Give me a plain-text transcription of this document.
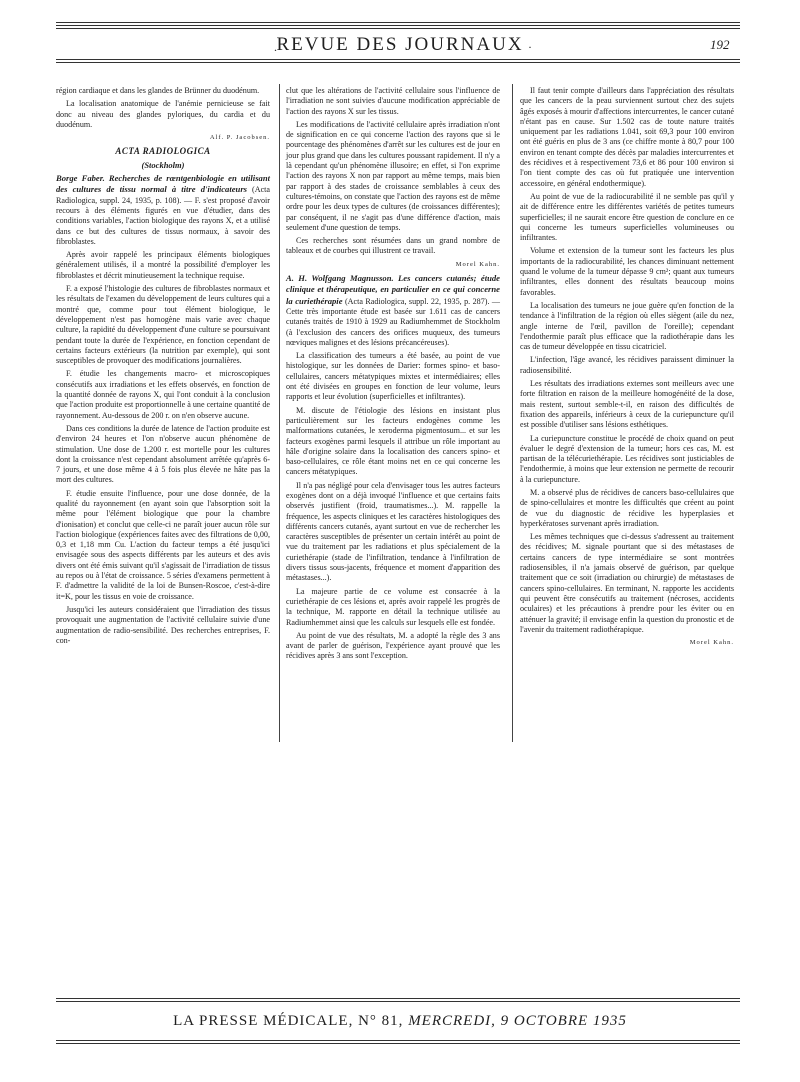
. REVUE DES JOURNAUX ·	192

région cardiaque et dans les glandes de Brünner du duodénum.

La localisation anatomique de l'anémie pernicieuse se fait donc au niveau des glandes pyloriques, du cardia et du duodénum.

Alf. P. Jacobsen.

ACTA RADIOLOGICA

(Stockholm)

Borge Faber. Recherches de rœntgenbiologie en utilisant des cultures de tissu normal à titre d'indicateurs (Acta Radiologica, suppl. 24, 1935, p. 108). — F. s'est proposé d'avoir recours à des éléments figurés en vue d'étudier, dans des conditions variables, l'action biologique des rayons X, et a utilisé dans ce but des cultures de tissus normaux, à savoir des fibroblastes.

Après avoir rappelé les principaux éléments biologiques généralement utilisés, il a montré la possibilité d'employer les fibroblastes et décrit minutieusement la technique requise.

F. a exposé l'histologie des cultures de fibroblastes normaux et les résultats de l'examen du développement de leurs cultures qui a montré que, comme pour tout élément biologique, le développement n'est pas homogène mais varie avec chaque culture, la rapidité du développement d'une culture se poursuivant pendant toute la durée de l'expérience, en fonction cependant de certains facteurs extérieurs (la nutrition par exemple), qui sont susceptibles de provoquer des modifications journalières.

F. étudie les changements macro- et microscopiques consécutifs aux irradiations et les effets observés, en fonction de la quantité donnée de rayons X, qui l'ont conduit à la conclusion que l'action produite est proportionnelle à une certaine quantité de rayonnement. Au-dessous de 200 r. on n'en observe aucune.

Dans ces conditions la durée de latence de l'action produite est d'environ 24 heures et l'on n'observe aucun phénomène de stimulation. Une dose de 1.200 r. est mortelle pour les cultures dont la croissance n'est cependant absolument arrêtée qu'après 6-7 jours, et une dose même 4 à 5 fois plus élevée ne hâte pas la mort des cultures.

F. étudie ensuite l'influence, pour une dose donnée, de la qualité du rayonnement (en ayant soin que l'absorption soit la même pour l'élément biologique que pour la chambre d'ionisation) et conclut que celle-ci ne paraît jouer aucun rôle sur l'action biologique (expériences faites avec des filtrations de 0,00, 0,3 et 1,18 mm Cu. L'action du facteur temps a été jusqu'ici envisagée sous des aspects différents par les auteurs et des avis divers ont été émis suivant qu'il s'agissait de l'irradiation de tissus au repos ou à l'état de croissance. 5 séries d'examens permettent à F. d'admettre la validité de la loi de Bunsen-Roscoe, c'est-à-dire it=K, pour les tissus en voie de croissance.

Jusqu'ici les auteurs considéraient que l'irradiation des tissus provoquait une augmentation de l'activité cellulaire suivie d'une augmentation de radio-sensibilité. Des recherches entreprises, F. con-

clut que les altérations de l'activité cellulaire sous l'influence de l'irradiation ne sont suivies d'aucune modification appréciable de l'action des rayons X sur les tissus.

Les modifications de l'activité cellulaire après irradiation n'ont de signification en ce qui concerne l'action des rayons que si le pourcentage des phénomènes d'arrêt sur les cultures est de jour en jour plus grand que dans les cultures poussant rapidement. Il n'y a là cependant qu'un phénomène illusoire; en effet, si l'on exprime l'action des rayons X non par rapport au même temps, mais bien par rapport à des stades de croissance semblables à ceux des cultures-témoins, on constate que l'action des rayons est de même ordre pour les deux types de cultures (de croissances différentes); par conséquent, il ne s'agit pas d'une différence d'action, mais seulement d'une question de temps.

Ces recherches sont résumées dans un grand nombre de tableaux et de courbes qui illustrent ce travail.

Morel Kahn.

A. H. Wolfgang Magnusson. Les cancers cutanés; étude clinique et thérapeutique, en particulier en ce qui concerne la curiethérapie (Acta Radiologica, suppl. 22, 1935, p. 287). — Cette très importante étude est basée sur 1.611 cas de cancers cutanés traités de 1910 à 1929 au Radiumhemmet de Stockholm (à l'exclusion des cancers des orifices muqueux, des tumeurs nœviques malignes et des lésions précancéreuses).

La classification des tumeurs a été basée, au point de vue histologique, sur les données de Darier: formes spino- et baso-cellulaires, cancers métatypiques mixtes et intermédiaires; elles ont été divisées en groupes en fonction de leur volume, leurs rapports et leur évolution (superficielles et infiltrantes).

M. discute de l'étiologie des lésions en insistant plus particulièrement sur les facteurs endogènes comme les malformations cutanées, le xeroderma pigmentosum... et sur les facteurs exogènes parmi lesquels il attribue un rôle important au hâle d'origine solaire dans la localisation des cancers spino- et baso-cellulaires, ce rôle étant moins net en ce qui concerne les cancers métatypiques.

Il n'a pas négligé pour cela d'envisager tous les autres facteurs exogènes dont on a déjà invoqué l'influence et que certains faits observés justifient (froid, traumatismes...). M. rappelle la fréquence, les aspects cliniques et les caractères histologiques des différents cancers cutanés, ayant surtout en vue de rechercher les caractères susceptibles de présenter un certain intérêt au point de vue du traitement par les radiations et plus spécialement de la curiethérapie (stade de l'infiltration, tendance à l'infiltration de divers tissus sous-jacents, fréquence et moment d'apparition des métastases...).

La majeure partie de ce volume est consacrée à la curiethérapie de ces lésions et, après avoir rappelé les progrès de la technique, M. rapporte en détail la technique utilisée au Radiumhemmet ainsi que les calculs sur lesquels elle est fondée.

Au point de vue des résultats, M. a adopté la règle des 3 ans avant de parler de guérison, l'expérience ayant prouvé que les récidives après 3 ans sont l'exception.

Il faut tenir compte d'ailleurs dans l'appréciation des résultats que les cancers de la peau surviennent surtout chez des sujets âgés exposés à mourir d'affections intercurrentes, le cancer cutané n'étant pas en cause. Sur 1.502 cas de toute nature traités uniquement par les radiations 1.041, soit 69,3 pour 100 environ ont été guéris en plus de 3 ans (ce chiffre monte à 80,7 pour 100 environ en tenant compte des décès par maladies intercurrentes et des récidives et à respectivement 73,6 et 86 pour 100 environ si l'on tient compte des cas où fut pratiquée une intervention accessoire, en général endothermique).

Au point de vue de la radiocurabilité il ne semble pas qu'il y ait de différence entre les différentes variétés de petites tumeurs superficielles; il ne saurait encore être question de conclure en ce qui concerne les tumeurs superficielles volumineuses ou infiltrantes.

Volume et extension de la tumeur sont les facteurs les plus importants de la radiocurabilité, les chances diminuant nettement quand le volume de la tumeur dépasse 9 cm²; quant aux tumeurs infiltrantes, elles donnent des résultats beaucoup moins favorables.

La localisation des tumeurs ne joue guère qu'en fonction de la tendance à l'infiltration de la région où elles siègent (aile du nez, angle interne de l'œil, pavillon de l'oreille); cependant l'endothermie paraît plus efficace que la radiothérapie dans les cas de tumeur développée en tissu cicatriciel.

L'infection, l'âge avancé, les récidives paraissent diminuer la radiosensibilité.

Les résultats des irradiations externes sont meilleurs avec une forte filtration en raison de la meilleure homogénéité de la dose, mais restent, surtout semble-t-il, en raison des difficultés de fixation des appareils, inférieurs à ceux de la curiepuncture qu'il est possible d'utiliser sans lésions esthétiques.

La curiepuncture constitue le procédé de choix quand on peut évaluer le degré d'extension de la tumeur; hors ces cas, M. est partisan de la télécuriethérapie. Les récidives sont justiciables de l'endothermie, à moins que leur extension ne permette de recourir à la curiepuncture.

M. a observé plus de récidives de cancers baso-cellulaires que de spino-cellulaires et montre les difficultés que créent au point de vue du diagnostic de récidive les hyperplasies et hyperkératoses survenant après irradiation.

Les mêmes techniques que ci-dessus s'adressent au traitement des récidives; M. signale pourtant que si des métastases de certains cancers de type intermédiaire se sont montrées radiosensibles, il n'a jamais observé de guérison, par quelque traitement que ce soit (irradiation ou chirurgie) de métastases de cancers spino-cellulaires. En terminant, N. rapporte les accidents qui peuvent être consécutifs au traitement (nécroses, accidents oculaires) et les précautions à prendre pour les éviter ou en atténuer la gravité; il envisage enfin la question du pronostic et de l'avenir du traitement radiothérapique.

Morel Kahn.

LA PRESSE MÉDICALE, N° 81, MERCREDI, 9 OCTOBRE 1935
